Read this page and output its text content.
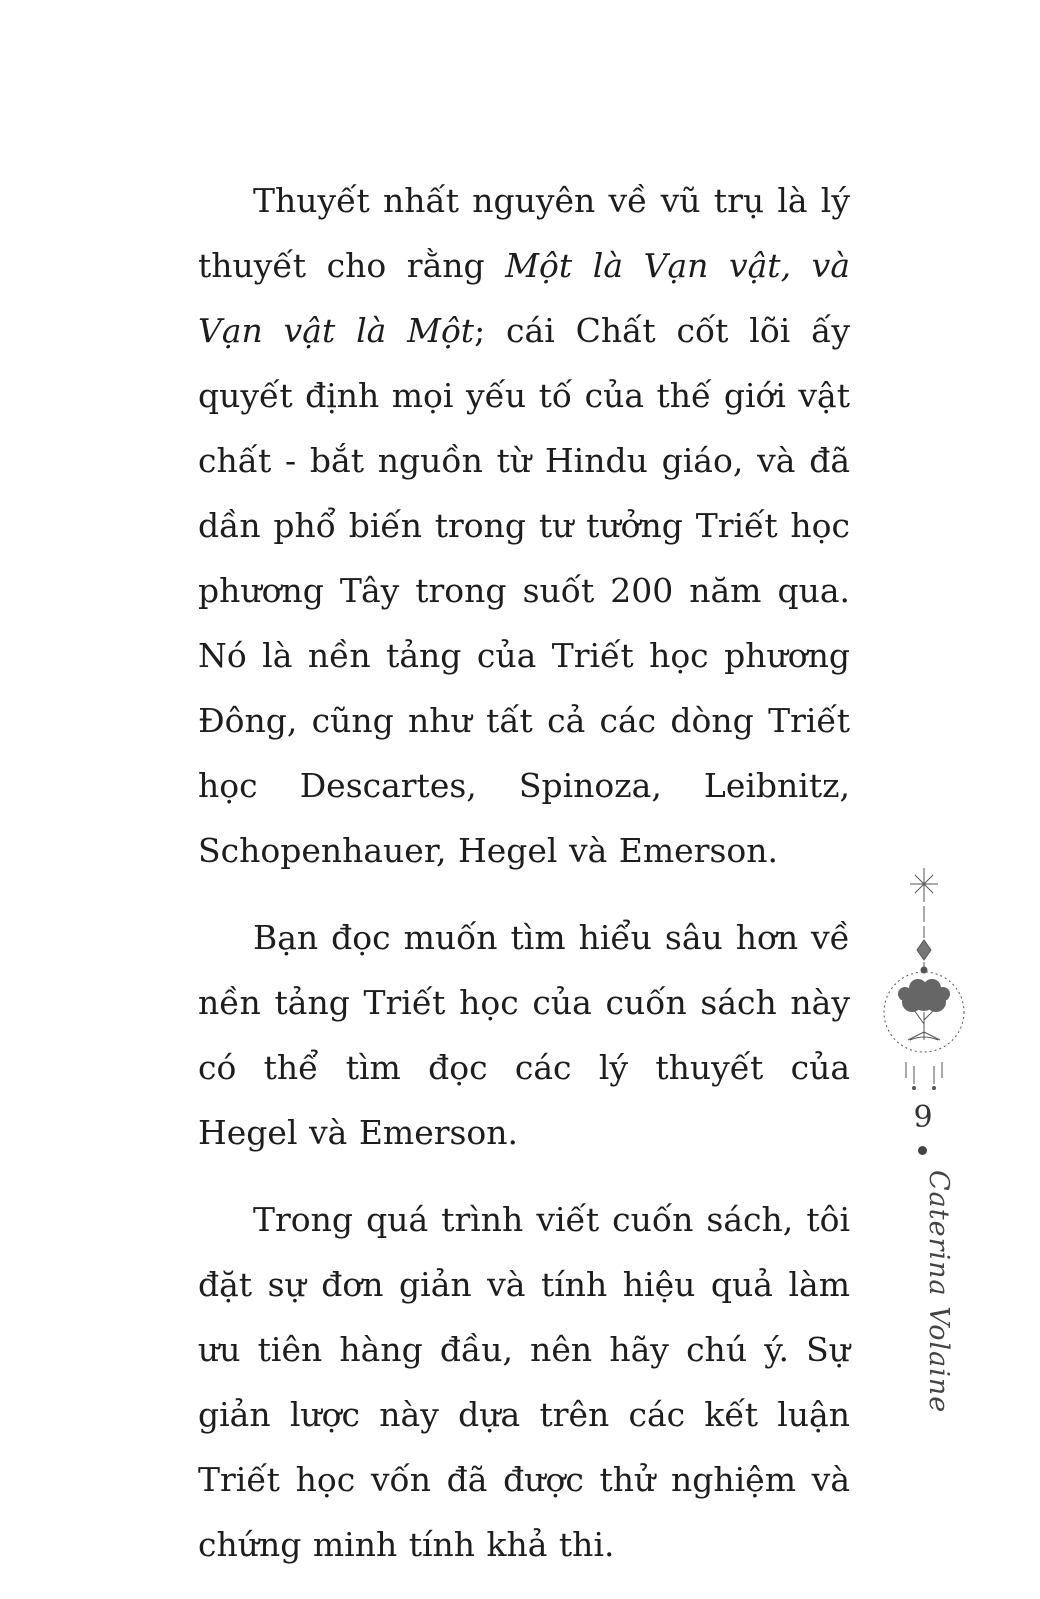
Thuyết nhất nguyên về vũ trụ là lý thuyết cho rằng Một là Vạn vật, và Vạn vật là Một; cái Chất cốt lõi ấy quyết định mọi yếu tố của thế giới vật chất - bắt nguồn từ Hindu giáo, và đã dần phổ biến trong tư tưởng Triết học phương Tây trong suốt 200 năm qua. Nó là nền tảng của Triết học phương Đông, cũng như tất cả các dòng Triết học Descartes, Spinoza, Leibnitz, Schopenhauer, Hegel và Emerson.

Bạn đọc muốn tìm hiểu sâu hơn về nền tảng Triết học của cuốn sách này có thể tìm đọc các lý thuyết của Hegel và Emerson.

Trong quá trình viết cuốn sách, tôi đặt sự đơn giản và tính hiệu quả làm ưu tiên hàng đầu, nên hãy chú ý. Sự giản lược này dựa trên các kết luận Triết học vốn đã được thử nghiệm và chứng minh tính khả thi.

9
Caterina Volaine
